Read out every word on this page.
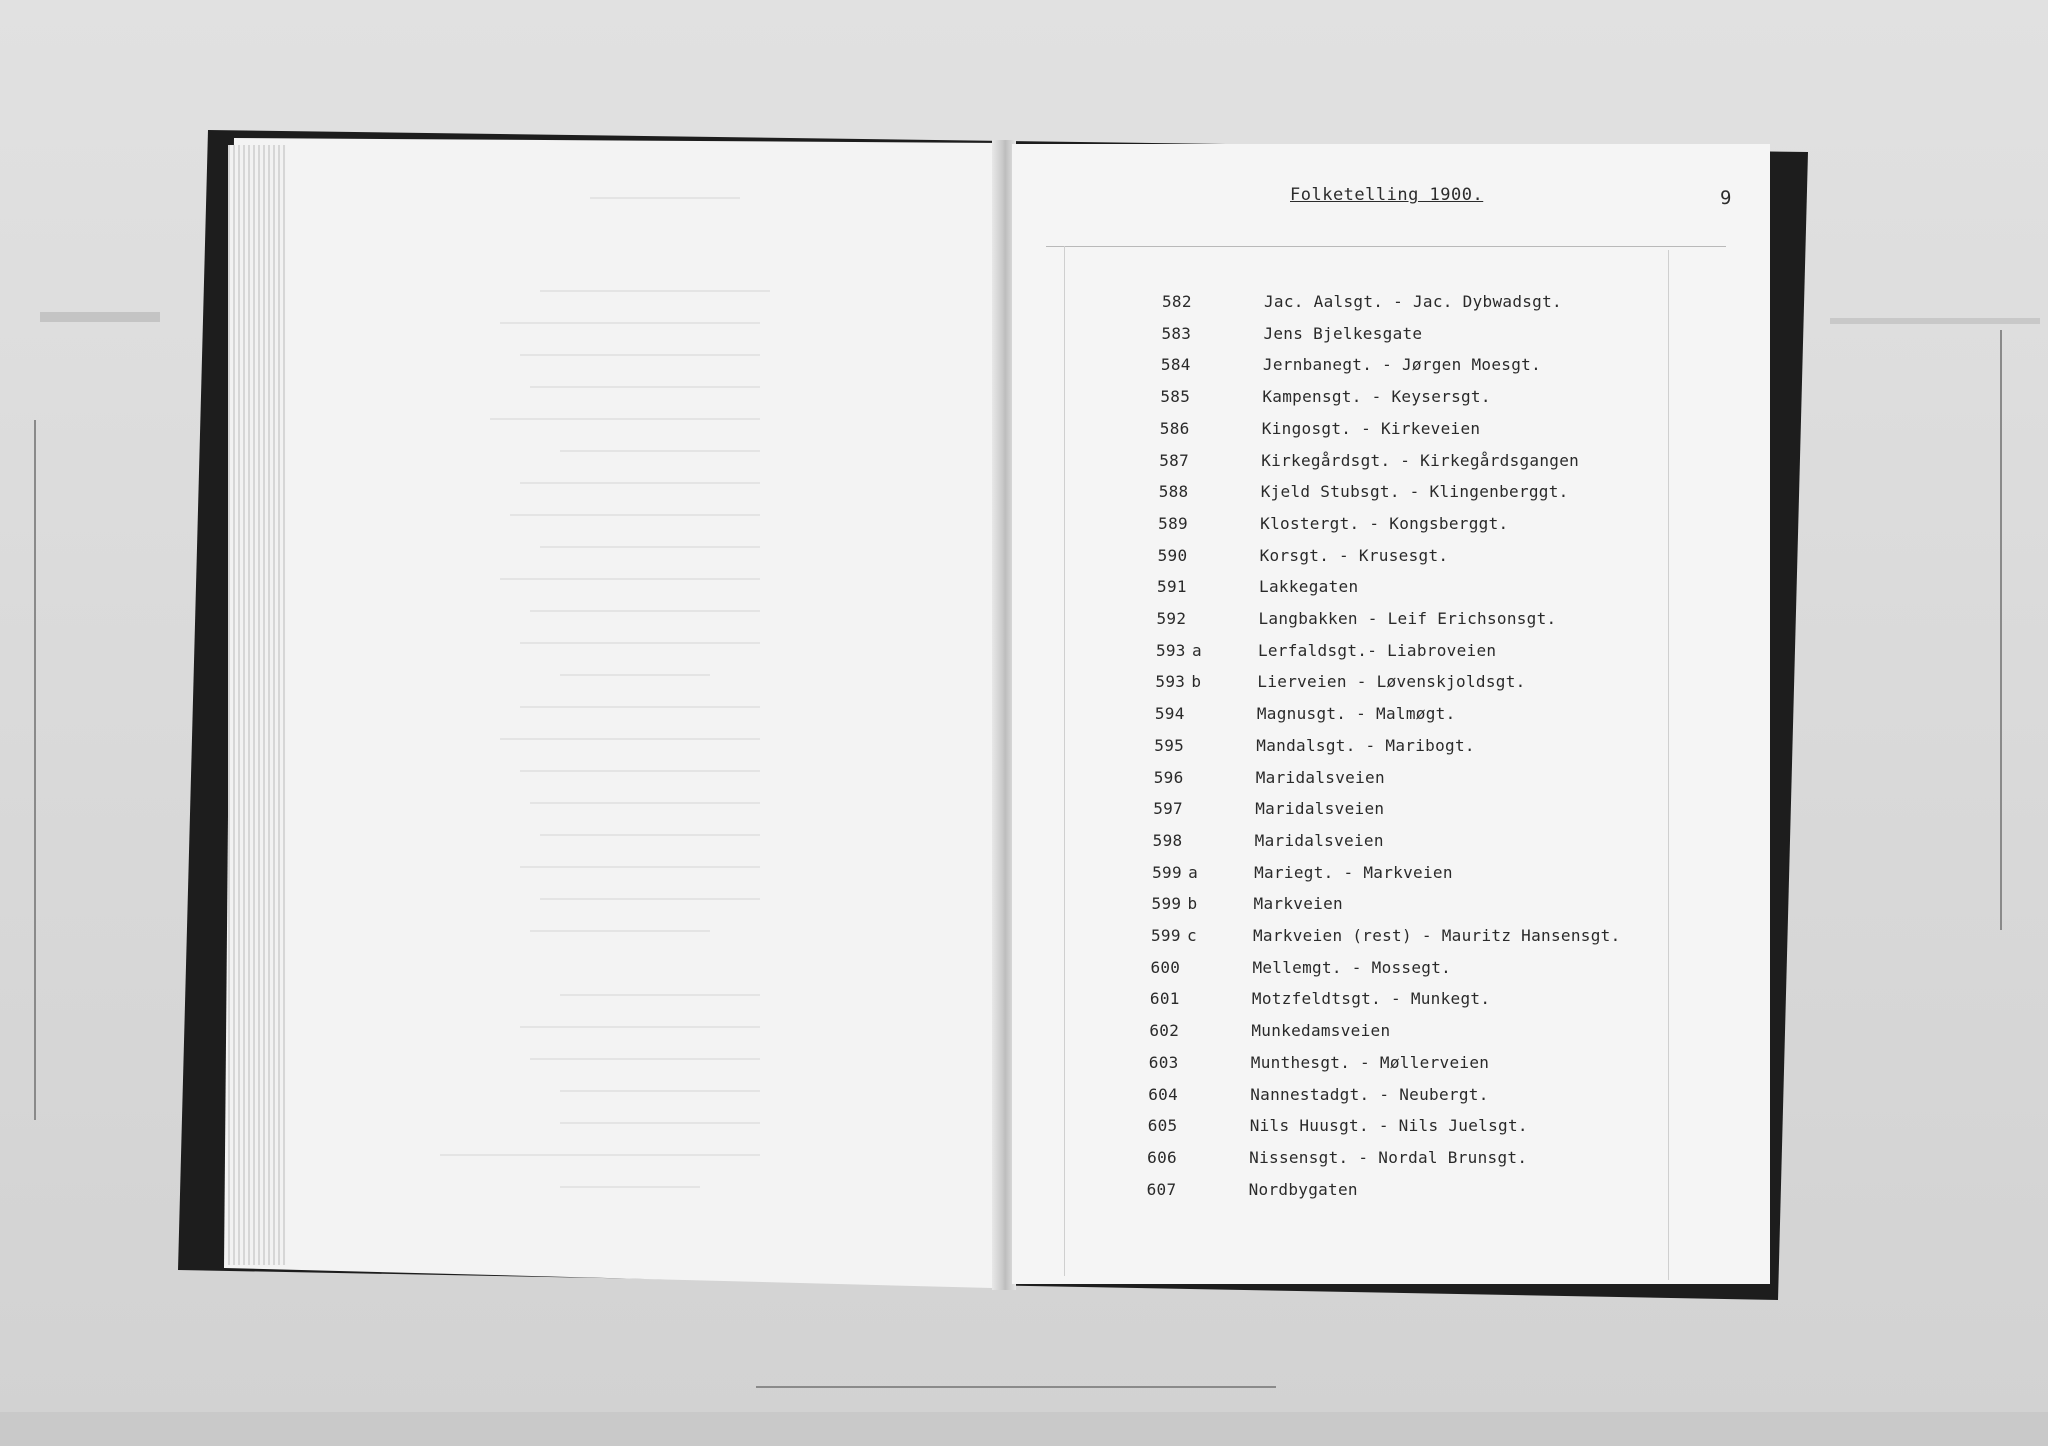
Folketelling 1900.	9
582	Jac. Aalsgt. - Jac. Dybwadsgt.
583	Jens Bjelkesgate
584	Jernbanegt. - Jørgen Moesgt.
585	Kampensgt. - Keysersgt.
586	Kingosgt. - Kirkeveien
587	Kirkegårdsgt. - Kirkegårdsgangen
588	Kjeld Stubsgt. - Klingenberggt.
589	Klostergt. - Kongsberggt.
590	Korsgt. - Krusesgt.
591	Lakkegaten
592	Langbakken - Leif Erichsonsgt.
593 a	Lerfaldsgt.- Liabroveien
593 b	Lierveien - Løvenskjoldsgt.
594	Magnusgt. - Malmøgt.
595	Mandalsgt. - Maribogt.
596	Maridalsveien
597	Maridalsveien
598	Maridalsveien
599 a	Mariegt. - Markveien
599 b	Markveien
599 c	Markveien (rest) - Mauritz Hansensgt.
600	Mellemgt. - Mossegt.
601	Motzfeldtsgt. - Munkegt.
602	Munkedamsveien
603	Munthesgt. - Møllerveien
604	Nannestadgt. - Neubergt.
605	Nils Huusgt. - Nils Juelsgt.
606	Nissensgt. - Nordal Brunsgt.
607	Nordbygaten
